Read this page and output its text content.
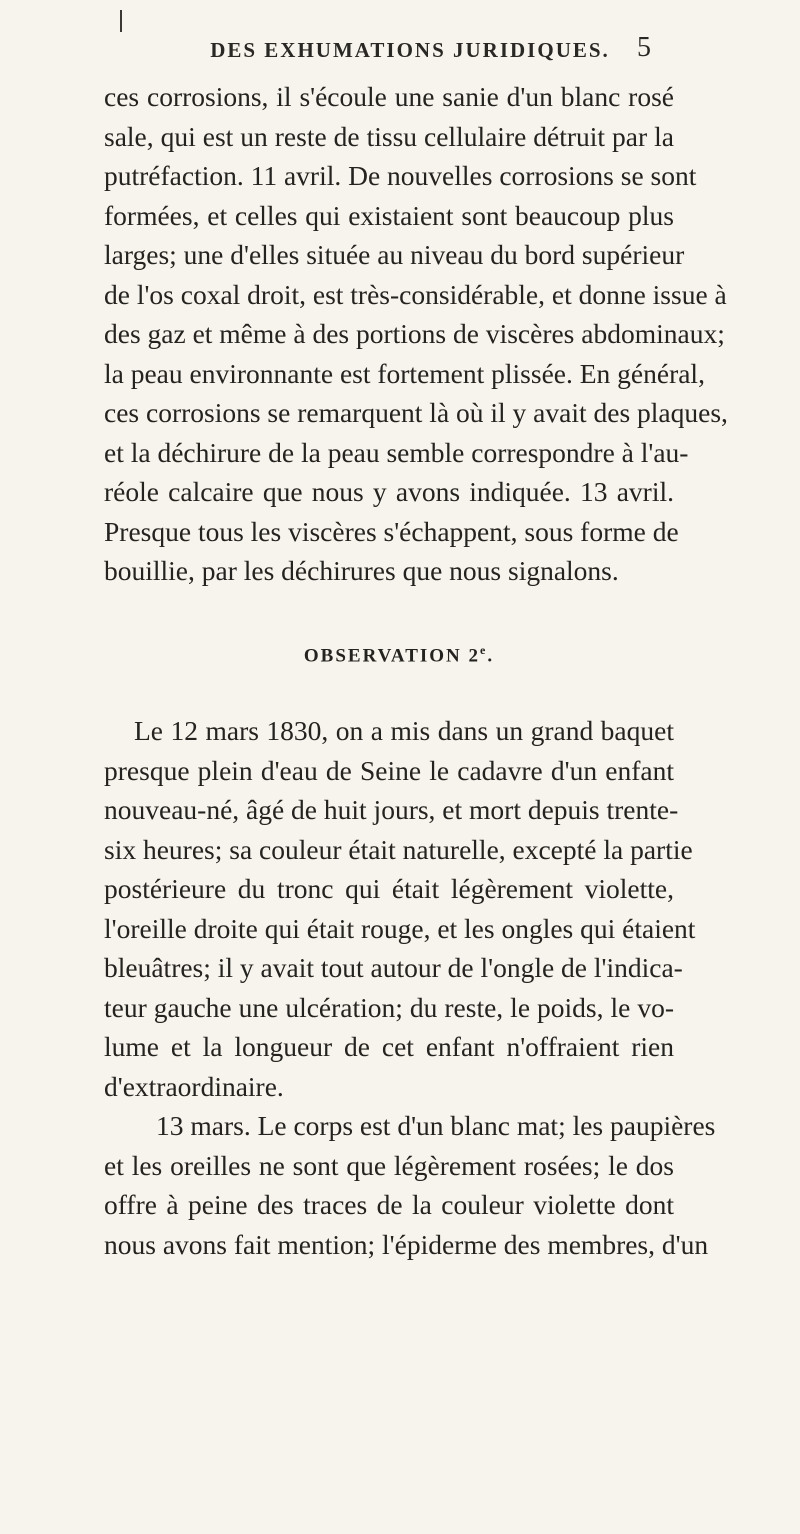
DES EXHUMATIONS JURIDIQUES. 5
ces corrosions, il s'écoule une sanie d'un blanc rosé
sale, qui est un reste de tissu cellulaire détruit par la
putréfaction. 11 avril. De nouvelles corrosions se sont
formées, et celles qui existaient sont beaucoup plus
larges; une d'elles située au niveau du bord supérieur
de l'os coxal droit, est très-considérable, et donne issue à
des gaz et même à des portions de viscères abdominaux;
la peau environnante est fortement plissée. En général,
ces corrosions se remarquent là où il y avait des plaques,
et la déchirure de la peau semble correspondre à l'au-
réole calcaire que nous y avons indiquée. 13 avril.
Presque tous les viscères s'échappent, sous forme de
bouillie, par les déchirures que nous signalons.
OBSERVATION 2e.
Le 12 mars 1830, on a mis dans un grand baquet
presque plein d'eau de Seine le cadavre d'un enfant
nouveau-né, âgé de huit jours, et mort depuis trente-
six heures; sa couleur était naturelle, excepté la partie
postérieure du tronc qui était légèrement violette,
l'oreille droite qui était rouge, et les ongles qui étaient
bleuâtres; il y avait tout autour de l'ongle de l'indica-
teur gauche une ulcération; du reste, le poids, le vo-
lume et la longueur de cet enfant n'offraient rien
d'extraordinaire.
13 mars. Le corps est d'un blanc mat; les paupières
et les oreilles ne sont que légèrement rosées; le dos
offre à peine des traces de la couleur violette dont
nous avons fait mention; l'épiderme des membres, d'un
